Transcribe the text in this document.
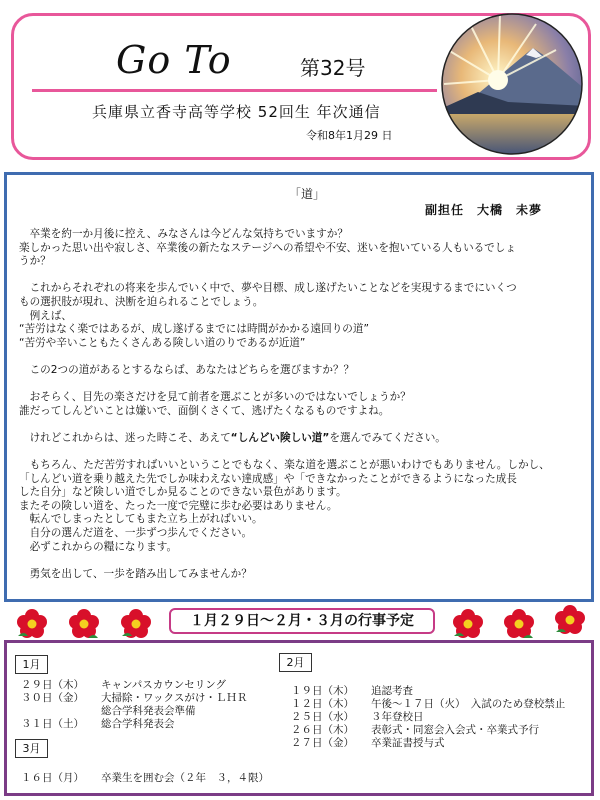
Go To	第32号
兵庫県立香寺高等学校 52回生 年次通信
令和8年1月29 日
「道」
副担任　大橋　未夢

　卒業を約一か月後に控え、みなさんは今どんな気持ちでいますか？

楽しかった思い出や寂しさ、卒業後の新たなステージへの希望や不安、迷いを抱いている人もいるでしょ

うか？

　これからそれぞれの将来を歩んでいく中で、夢や目標、成し遂げたいことなどを実現するまでにいくつ

もの選択肢が現れ、決断を迫られることでしょう。

　例えば、

“苦労はなく楽ではあるが、成し遂げるまでには時間がかかる遠回りの道”

“苦労や辛いこともたくさんある険しい道のりであるが近道”

　この2つの道があるとするならば、あなたはどちらを選びますか？？

　おそらく、目先の楽さだけを見て前者を選ぶことが多いのではないでしょうか？

誰だってしんどいことは嫌いで、面倒くさくて、逃げたくなるものですよね。

　けれどこれからは、迷った時こそ、あえて“しんどい険しい道”を選んでみてください。

　もちろん、ただ苦労すればいいということでもなく、楽な道を選ぶことが悪いわけでもありません。しかし、

「しんどい道を乗り越えた先でしか味わえない達成感」や「できなかったことができるようになった成長

した自分」など険しい道でしか見ることのできない景色があります。

またその険しい道を、たった一度で完璧に歩む必要はありません。

　転んでしまったとしてもまた立ち上がればいい。

　自分の選んだ道を、一歩ずつ歩んでください。

　必ずこれからの糧になります。

　勇気を出して、一歩を踏み出してみませんか？

１月２９日～２月・３月の行事予定
1月
２９日（木） キャンパスカウンセリング
３０日（金） 大掃除・ワックスがけ・ＬＨＲ
総合学科発表会準備
３１日（土） 総合学科発表会
3月
１６日（月） 卒業生を囲む会（２年　３，４限）
2月
１９日（木） 追認考査
１２日（木） 午後～１７日（火）　入試のため登校禁止
２５日（水） ３年登校日
２６日（木） 表彰式・同窓会入会式・卒業式予行
２７日（金） 卒業証書授与式
